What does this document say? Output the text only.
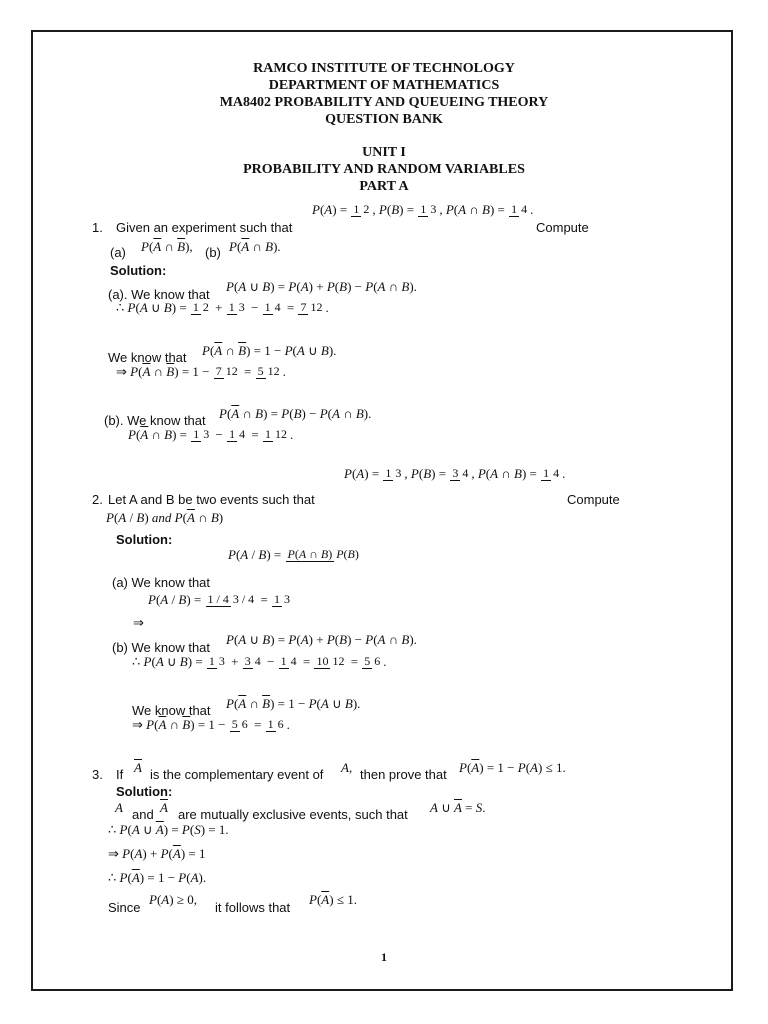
RAMCO INSTITUTE OF TECHNOLOGY
DEPARTMENT OF MATHEMATICS
MA8402 PROBABILITY AND QUEUEING THEORY
QUESTION BANK
UNIT I
PROBABILITY AND RANDOM VARIABLES
PART A
1. Given an experiment such that
P ( A ) = 1 2 , P ( B ) = 1 3 , P ( A ∩ B ) = 1 4 .
Compute
(a) P ( $\overline{A}$ ∩ $\overline{B}$ ), (b) P ( $\overline{A}$ ∩ B ).
Solution:
(a). We know that
P ( A ∪ B ) = P ( A ) + P ( B ) − P ( A ∩ B ).
∴ P ( A ∪ B ) = 1 2 + 1 3 − 1 4 = 7 12 .
We know that P ( $\overline{A}$ ∩ $\overline{B}$ ) = 1 − P ( A ∪ B ).
⇒ P ( $\overline{A}$ ∩ $\overline{B}$ ) = 1 − 7 12 = 5 12 .
(b). We know that P ( $\overline{A}$ ∩ B ) = P ( B ) − P ( A ∩ B ).
P ( $\overline{A}$ ∩ B ) = 1 3 − 1 4 = 1 12 .
P ( A ) = 1 3 , P ( B ) = 3 4 , P ( A ∩ B ) = 1 4 .
2. Let A and B be two events such that	Compute
P ( A / B ) and P ( $\overline{A}$ ∩ B )
Solution:
P ( A / B ) = P(A ∩ B) P(B)
(a) We know that
P ( A / B ) = 1 / 4 3 / 4 = 1 3
⇒
(b) We know that
P ( A ∪ B ) = P ( A ) + P ( B ) − P ( A ∩ B ).
∴ P ( A ∪ B ) = 1 3 + 3 4 − 1 4 = 10 12 = 5 6 .
We know that P ( $\overline{A}$ ∩ $\overline{B}$ ) = 1 − P ( A ∪ B ).
⇒ P ( $\overline{A}$ ∩ $\overline{B}$ ) = 1 − 5 6 = 1 6 .
3. If $\overline{A}$ is the complementary event of A , then prove that P ( $\overline{A}$ ) = 1 − P ( A ) ≤ 1.
Solution:
A and $\overline{A}$ are mutually exclusive events, such that A ∪ $\overline{A} = S$ .
∴ P ( A ∪ $\overline{A}$ ) = P ( S ) = 1.
⇒ P ( A ) + P ( $\overline{A}$ ) = 1
∴ P ( $\overline{A}$ ) = 1 − P ( A ).
Since
P ( A ) ≥ 0,
it follows that
P ( $\overline{A}$ ) ≤ 1.
1
